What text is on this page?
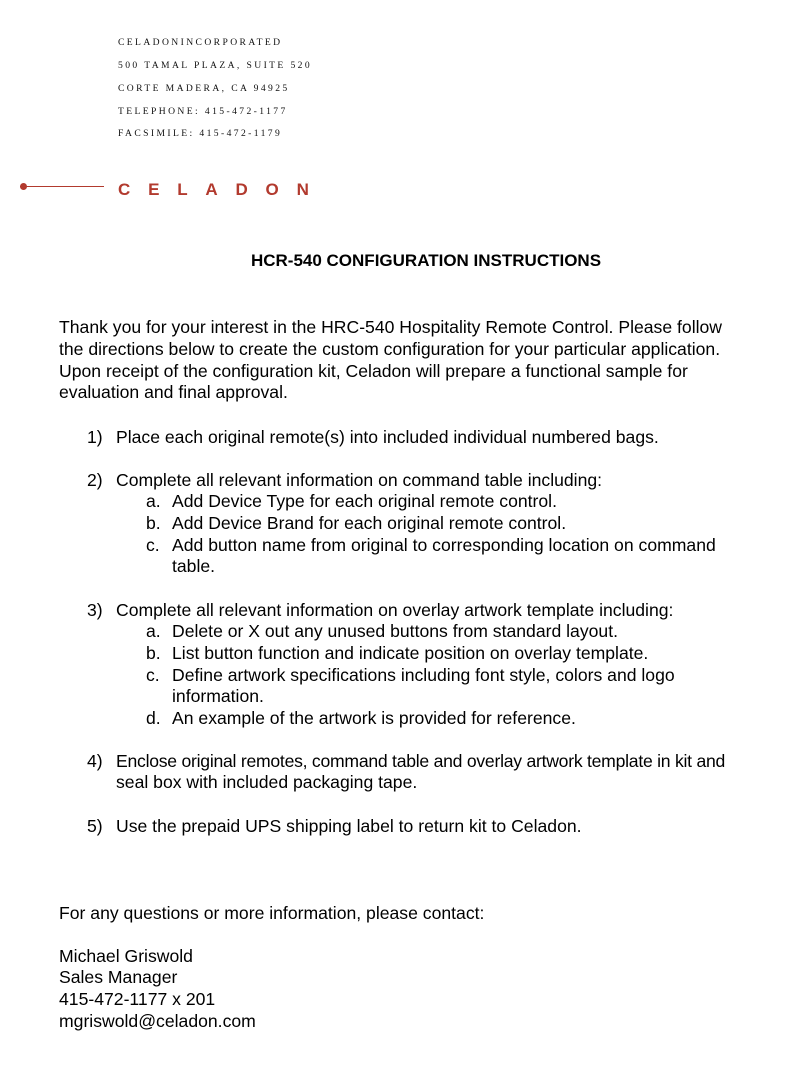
CELADONINCORPORATED
500 TAMAL PLAZA, SUITE 520
CORTE MADERA, CA 94925
TELEPHONE: 415-472-1177
FACSIMILE: 415-472-1179
CELADON
HCR-540 CONFIGURATION INSTRUCTIONS
Thank you for your interest in the HRC-540 Hospitality Remote Control. Please follow
the directions below to create the custom configuration for your particular application.
Upon receipt of the configuration kit, Celadon will prepare a functional sample for
evaluation and final approval.
1) Place each original remote(s) into included individual numbered bags.
2) Complete all relevant information on command table including:
a. Add Device Type for each original remote control.
b. Add Device Brand for each original remote control.
c. Add button name from original to corresponding location on command
table.
3) Complete all relevant information on overlay artwork template including:
a. Delete or X out any unused buttons from standard layout.
b. List button function and indicate position on overlay template.
c. Define artwork specifications including font style, colors and logo
information.
d. An example of the artwork is provided for reference.
4) Enclose original remotes, command table and overlay artwork template in kit and
seal box with included packaging tape.
5) Use the prepaid UPS shipping label to return kit to Celadon.
For any questions or more information, please contact:
Michael Griswold
Sales Manager
415-472-1177 x 201
mgriswold@celadon.com
